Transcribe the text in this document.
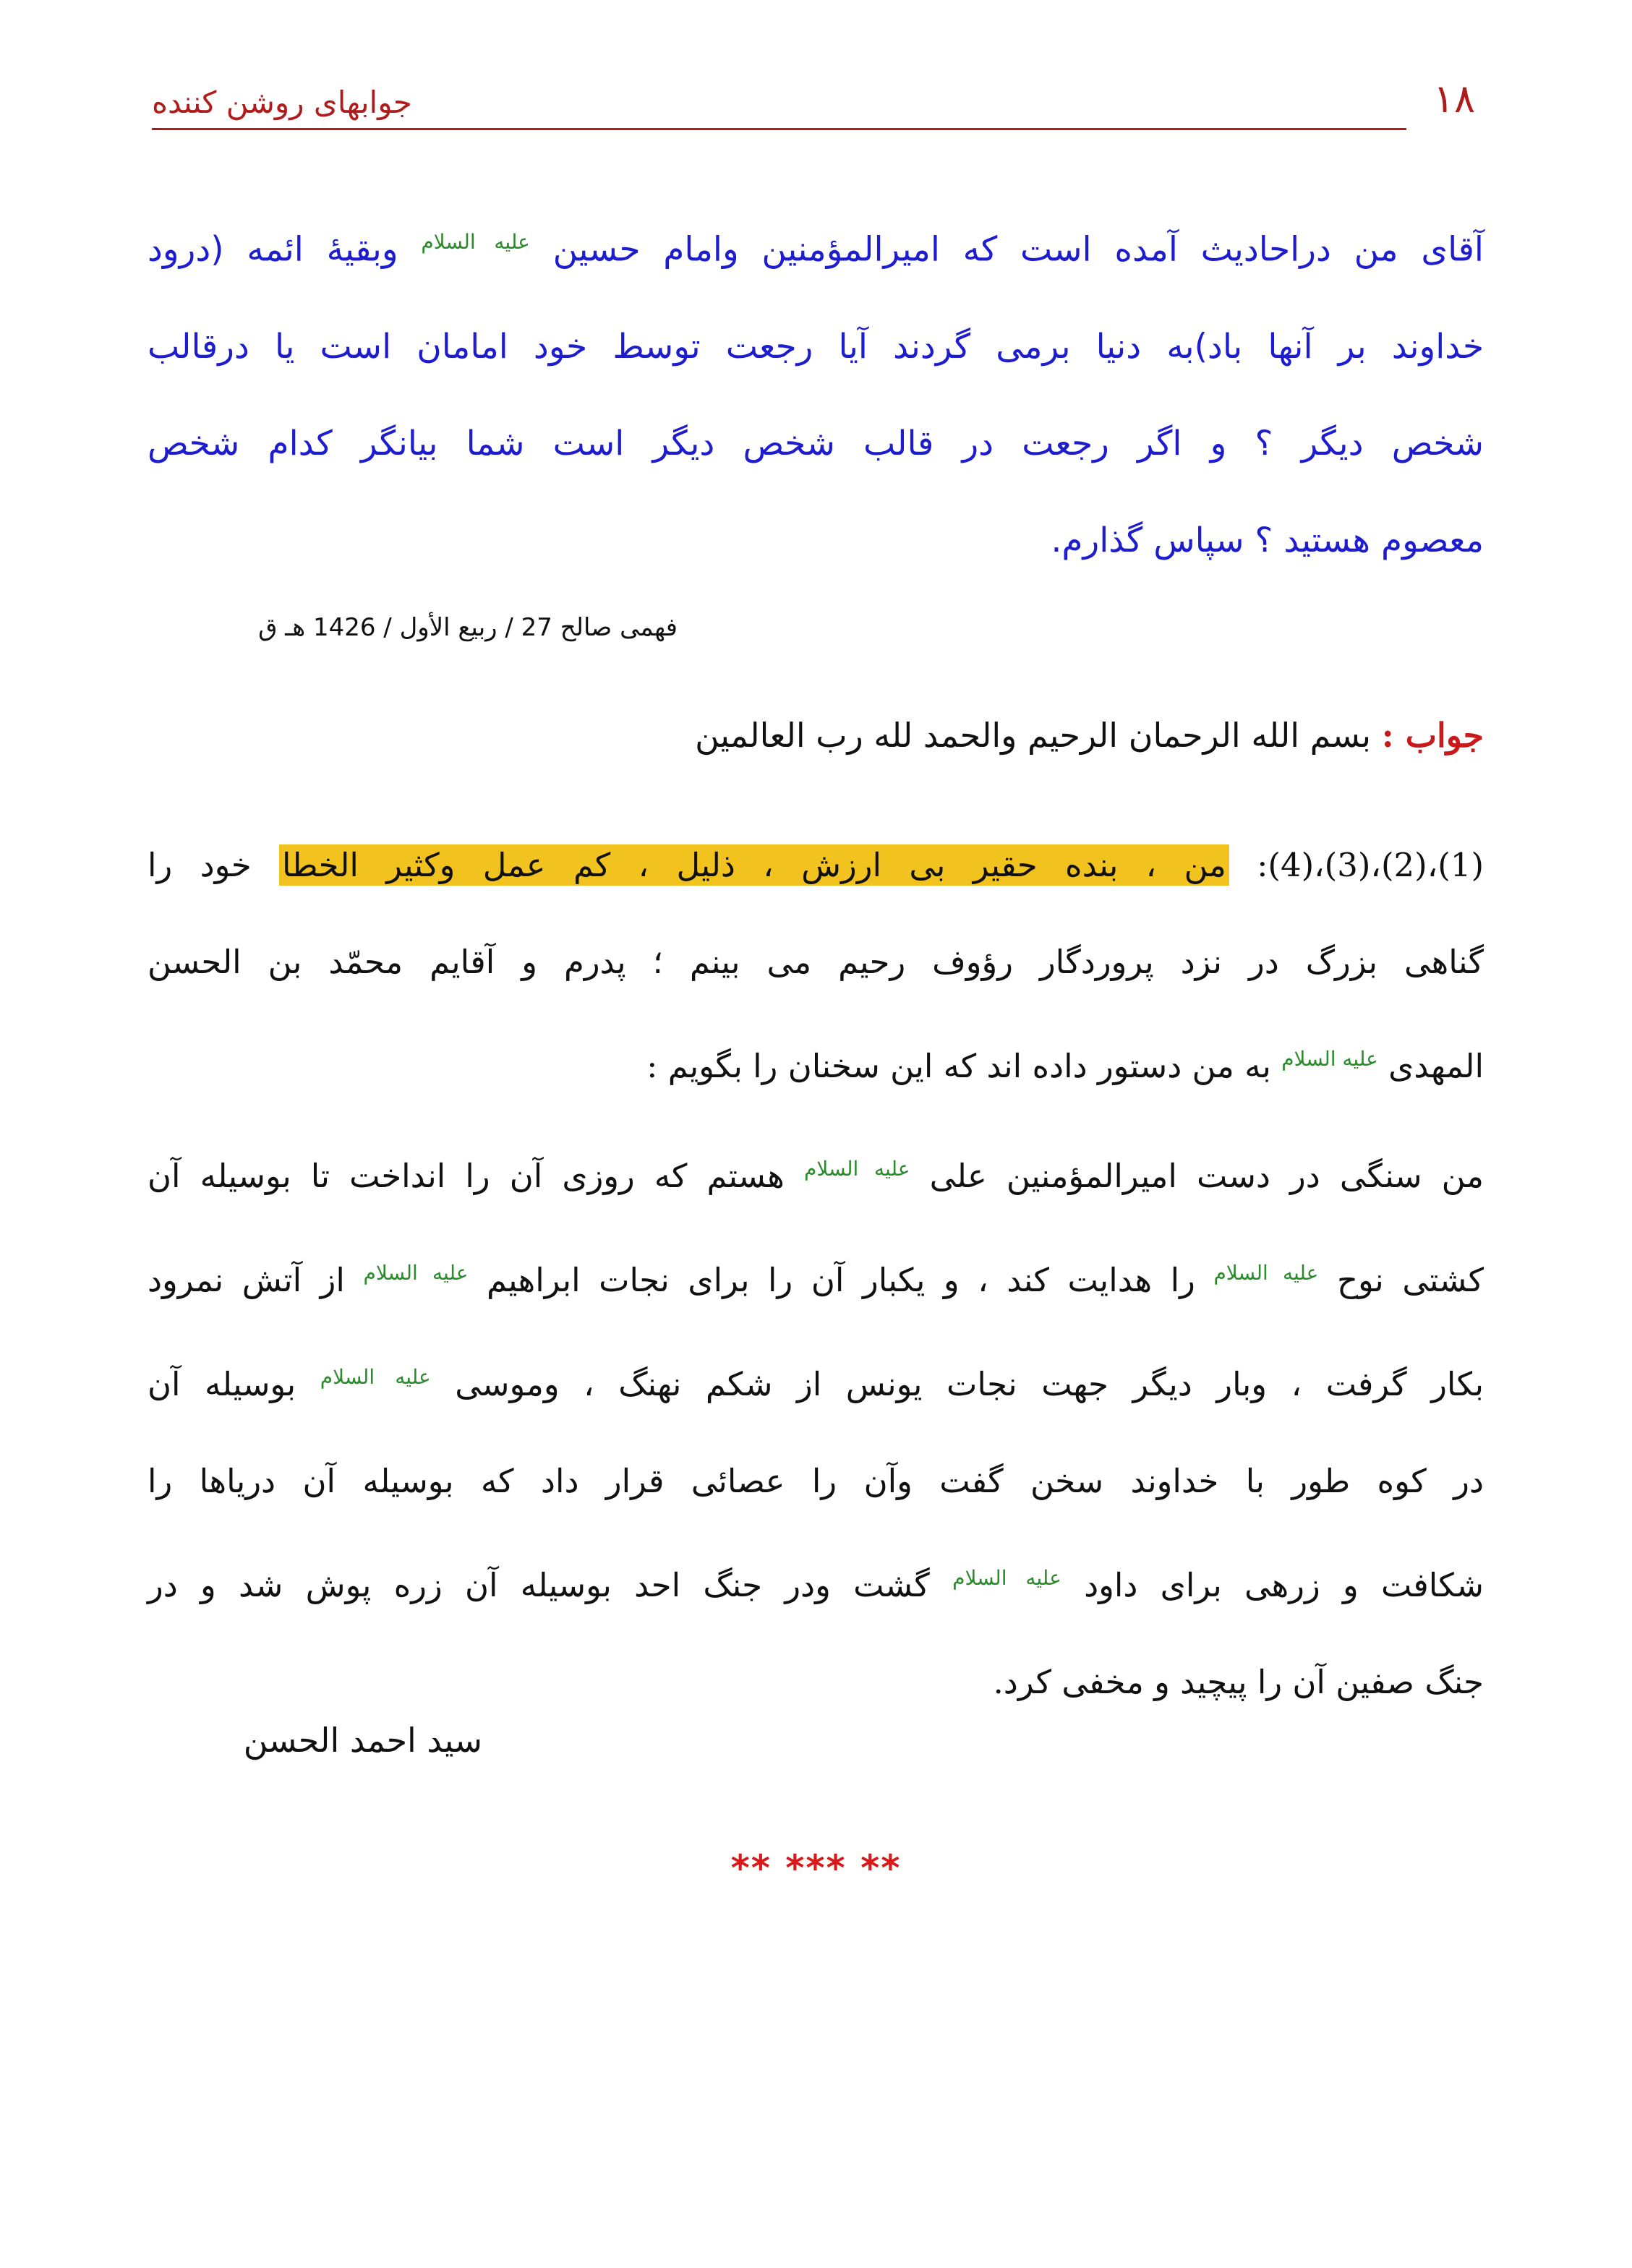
١٨
جوابهای روشن کننده
آقای من دراحادیث آمده است که امیرالمؤمنین وامام حسین $^{عليه السلام}$ وبقیۀ ائمه (درود
خداوند بر آنها باد)به دنیا برمی گردند آیا رجعت توسط خود امامان است یا درقالب
شخص دیگر ؟ و اگر رجعت در قالب شخص دیگر است شما بیانگر کدام شخص
معصوم هستید ؟ سپاس گذارم.
فهمی صالح 27 / ربیع الأول / 1426 هـ ق
جواب : بسم الله الرحمان الرحيم والحمد لله رب العالمين
(1)،(2)،(3)،(4): من ، بنده حقیر بی ارزش ، ذلیل ، کم عمل وکثیر الخطا خود را
گناهی بزرگ در نزد پروردگار رؤوف رحیم می بینم ؛ پدرم و آقایم محمّد بن الحسن
المهدی $^{عليه السلام}$ به من دستور داده اند که این سخنان را بگویم :
من سنگی در دست امیرالمؤمنین علی $^{عليه السلام}$ هستم که روزی آن را انداخت تا بوسیله آن
کشتی نوح $^{عليه السلام}$ را هدایت کند ، و یکبار آن را برای نجات ابراهیم $^{عليه السلام}$ از آتش نمرود
بکار گرفت ، وبار دیگر جهت نجات یونس از شکم نهنگ ، وموسی $^{عليه السلام}$ بوسیله آن
در کوه طور با خداوند سخن گفت وآن را عصائی قرار داد که بوسیله آن دریاها را
شکافت و زرهی برای داود $^{عليه السلام}$ گشت ودر جنگ احد بوسیله آن زره پوش شد و در
جنگ صفین آن را پیچید و مخفی کرد.
سید احمد الحسن
** *** **
